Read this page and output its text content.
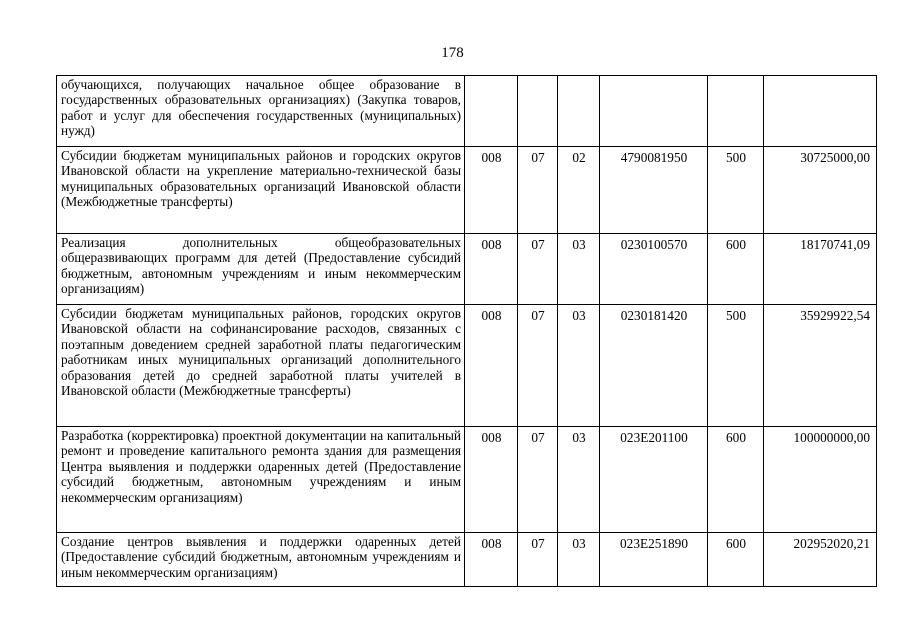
178
обучающихся, получающих начальное общее образование в государственных образовательных организациях) (Закупка товаров, работ и услуг для обеспечения государственных (муниципальных) нужд)						
Субсидии бюджетам муниципальных районов и городских округов Ивановской области на укрепление материально-технической базы муниципальных образовательных организаций Ивановской области (Межбюджетные трансферты)	008	07	02	4790081950	500	30725000,00
Реализация дополнительных общеобразовательных общеразвивающих программ для детей (Предоставление субсидий бюджетным, автономным учреждениям и иным некоммерческим организациям)	008	07	03	0230100570	600	18170741,09
Субсидии бюджетам муниципальных районов, городских округов Ивановской области на софинансирование расходов, связанных с поэтапным доведением средней заработной платы педагогическим работникам иных муниципальных организаций дополнительного образования детей до средней заработной платы учителей в Ивановской области (Межбюджетные трансферты)	008	07	03	0230181420	500	35929922,54
Разработка (корректировка) проектной документации на капитальный ремонт и проведение капитального ремонта здания для размещения Центра выявления и поддержки одаренных детей (Предоставление субсидий бюджетным, автономным учреждениям и иным некоммерческим организациям)	008	07	03	023E201100	600	100000000,00
Создание центров выявления и поддержки одаренных детей (Предоставление субсидий бюджетным, автономным учреждениям и иным некоммерческим организациям)	008	07	03	023E251890	600	202952020,21
